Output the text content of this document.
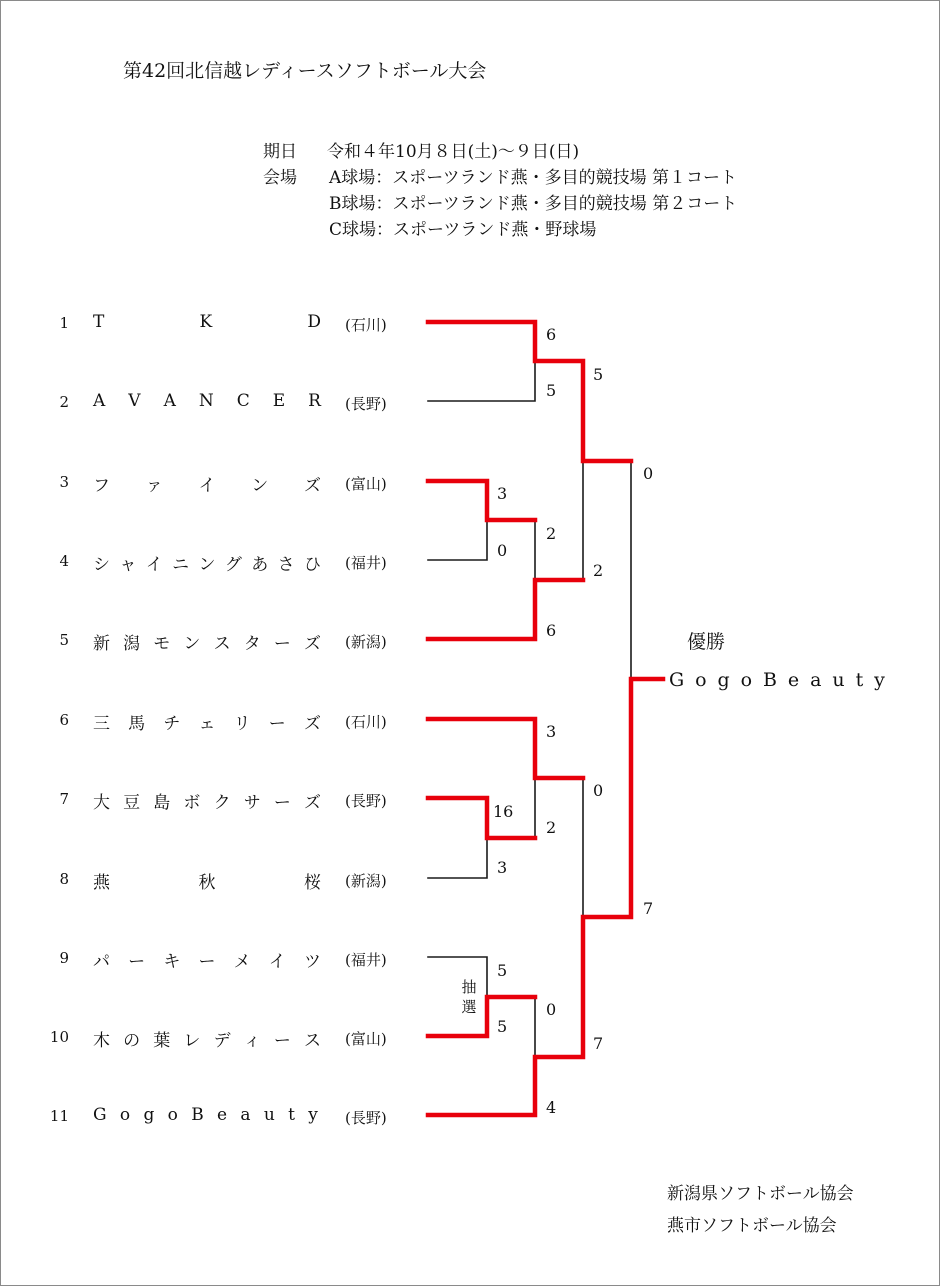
第42回北信越レディースソフトボール大会
期日 令和４年10月８日(土)～９日(日)
会場 A球場：スポーツランド燕・多目的競技場 第１コート
B球場：スポーツランド燕・多目的競技場 第２コート
C球場：スポーツランド燕・野球場
1 T	K	D (石川)
2 A V A N C E R (長野)
3 フ ァ イ ン ズ (富山)
4 シ ャ イ ニ ン グ あ さ ひ (福井)
5 新 潟 モ ン ス タ ー ズ (新潟)
6 三 馬 チ ェ リ ー ズ (石川)
7 大 豆 島 ボ ク サ ー ズ (長野)
8 燕	秋	桜 (新潟)
9 パ ー キ ー メ イ ツ (福井)
10 木 の 葉 レ デ ィ ー ス (富山)
11 G o g o B e a u t y (長野)
6
5
3
0
2
6
5
2
0
3
16
3
2
0
5
5
0
4
7
7
抽選
優勝
G o g o B e a u t y
新潟県ソフトボール協会
燕市ソフトボール協会
